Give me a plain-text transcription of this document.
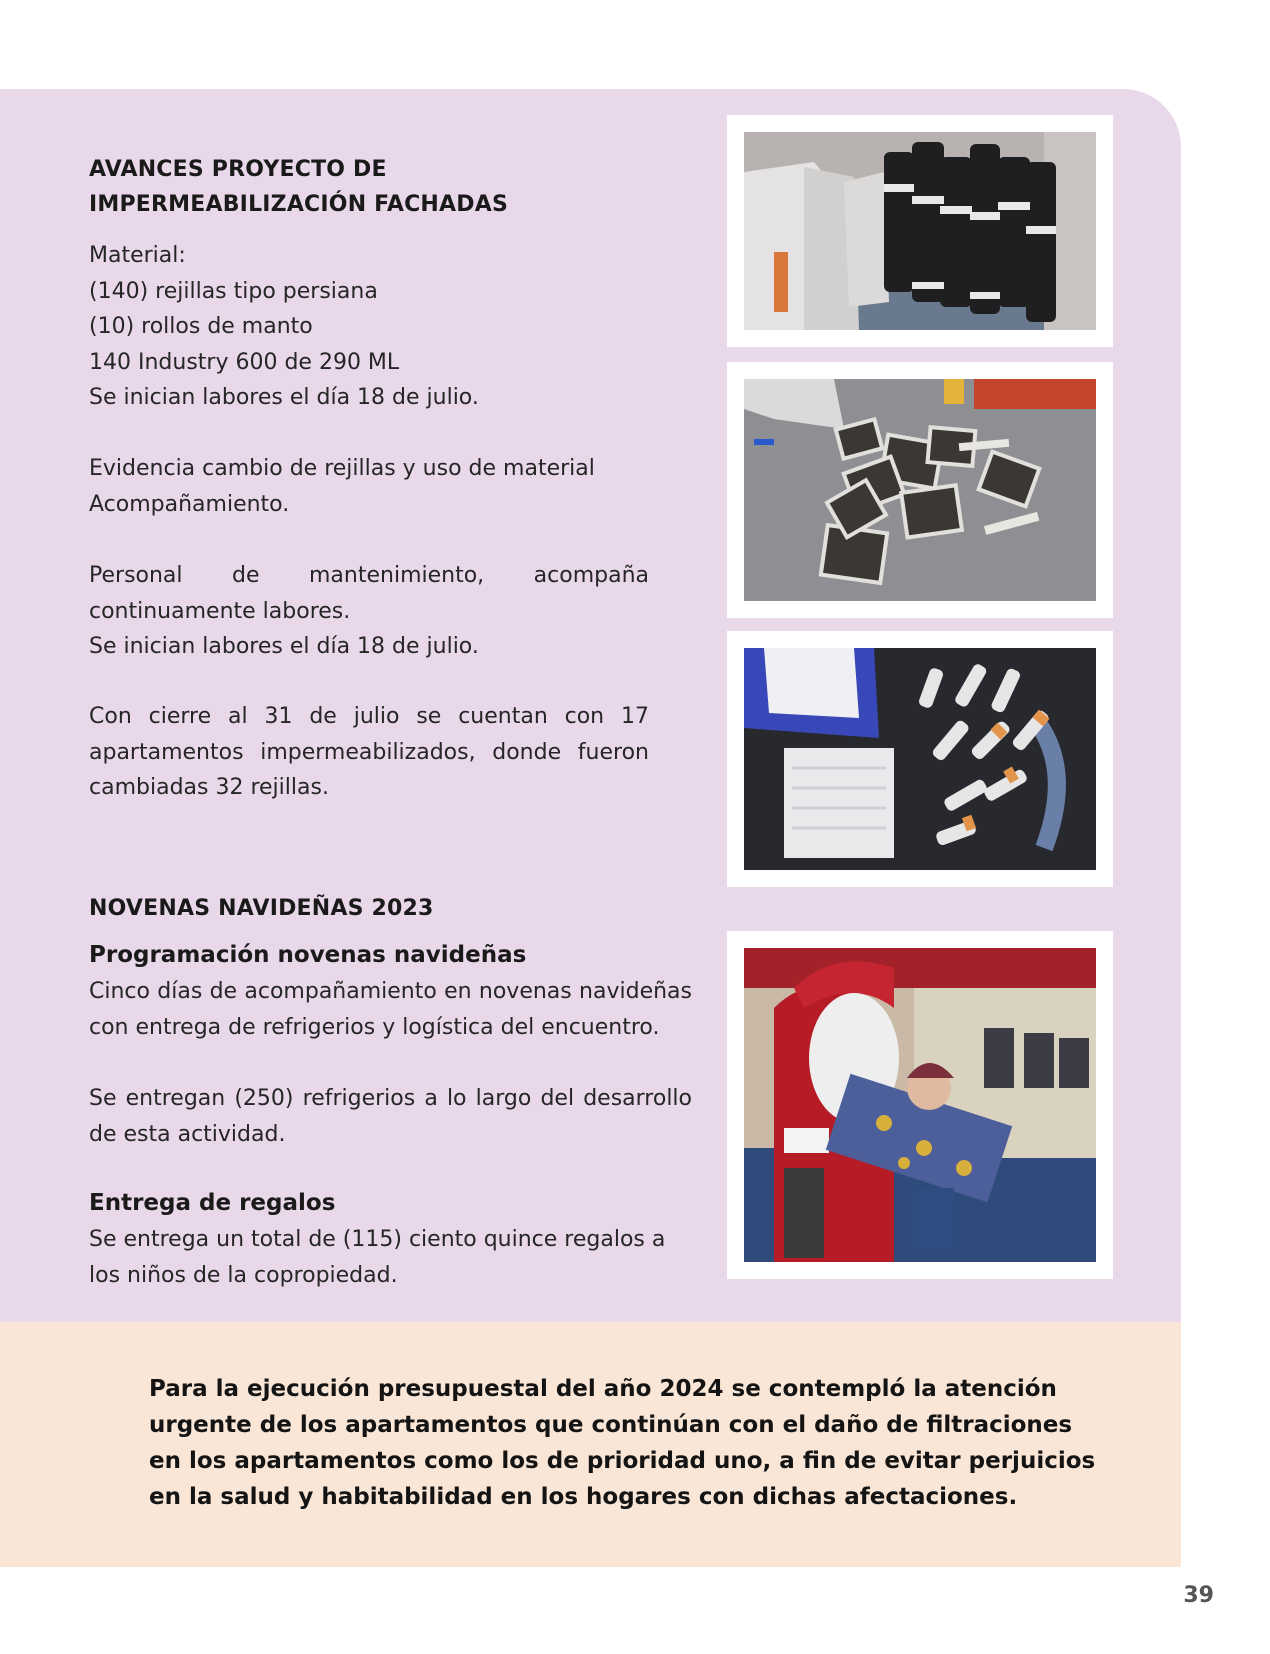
AVANCES PROYECTO DE
IMPERMEABILIZACIÓN FACHADAS
Material:
(140) rejillas tipo persiana
(10) rollos de manto
140 Industry 600 de 290 ML
Se inician labores el día 18 de julio.
Evidencia cambio de rejillas y uso de material
Acompañamiento.

Personal de mantenimiento, acompaña continuamente labores.

Se inician labores el día 18 de julio.

Con cierre al 31 de julio se cuentan con 17 apartamentos impermeabilizados, donde fueron cambiadas 32 rejillas.

NOVENAS NAVIDEÑAS 2023
Programación novenas navideñas

Cinco días de acompañamiento en novenas navideñas con entrega de refrigerios y logística del encuentro.

Se entregan (250) refrigerios a lo largo del desarrollo de esta actividad.

Entrega de regalos

Se entrega un total de (115) ciento quince regalos a los niños de la copropiedad.

Para la ejecución presupuestal del año 2024 se contempló la atención
urgente de los apartamentos que continúan con el daño de filtraciones
en los apartamentos como los de prioridad uno, a fin de evitar perjuicios
en la salud y habitabilidad en los hogares con dichas afectaciones.
39
